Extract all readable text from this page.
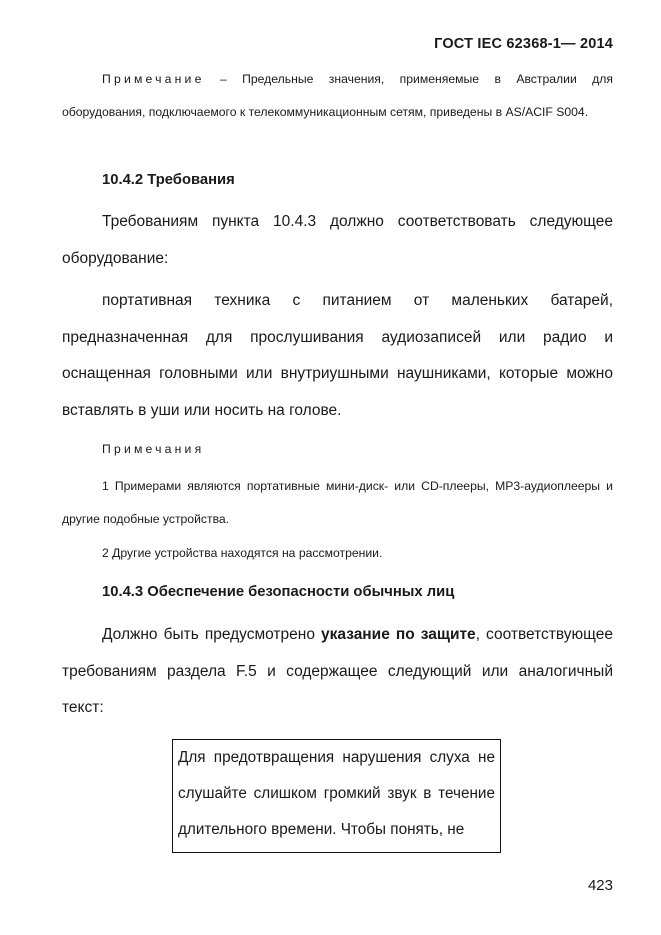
ГОСТ IEC 62368-1— 2014
Примечание – Предельные значения, применяемые в Австралии для оборудования, подключаемого к телекоммуникационным сетям, приведены в AS/ACIF S004.
10.4.2 Требования
Требованиям пункта 10.4.3 должно соответствовать следующее оборудование:
портативная техника с питанием от маленьких батарей, предназначенная для прослушивания аудиозаписей или радио и оснащенная головными или внутриушными наушниками, которые можно вставлять в уши или носить на голове.
Примечания
1 Примерами являются портативные мини-диск- или CD-плееры, MP3-аудиоплееры и другие подобные устройства.
2 Другие устройства находятся на рассмотрении.
10.4.3 Обеспечение безопасности обычных лиц
Должно быть предусмотрено указание по защите, соответствующее требованиям раздела F.5 и содержащее следующий или аналогичный текст:

Для предотвращения нарушения слуха не слушайте слишком громкий звук в течение длительного времени. Чтобы понять, не

423
